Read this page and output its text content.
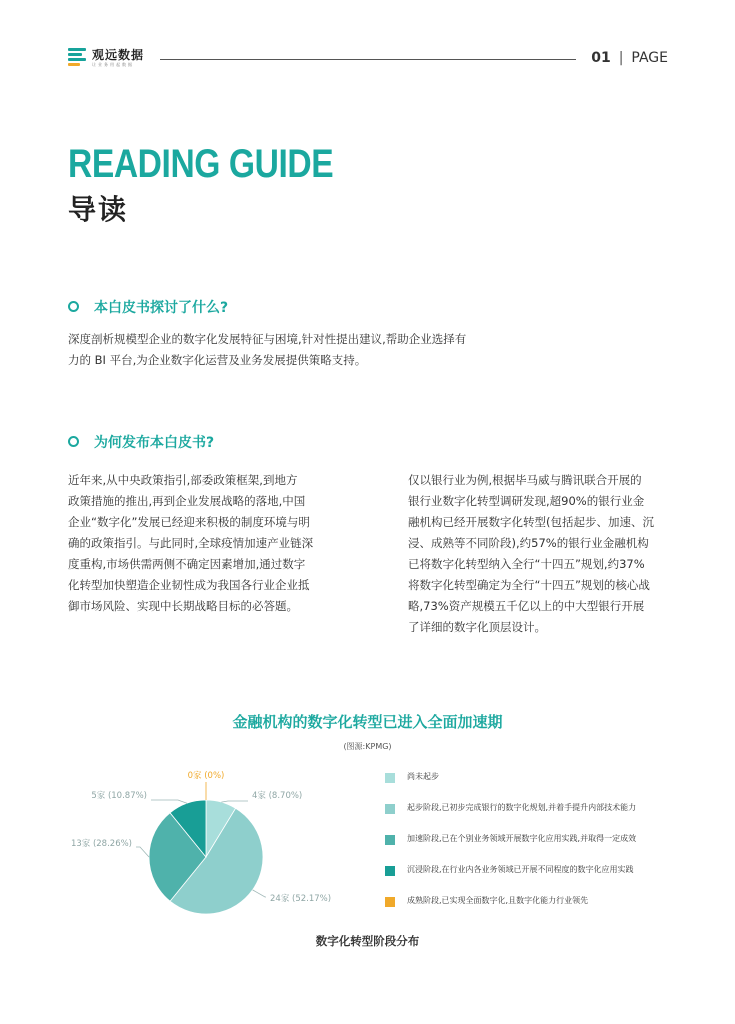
观远数据
让业务用起数据	01 | PAGE
READING GUIDE
导读
本白皮书探讨了什么?
深度剖析规模型企业的数字化发展特征与困境,针对性提出建议,帮助企业选择有
力的 BI 平台,为企业数字化运营及业务发展提供策略支持。
为何发布本白皮书?
近年来,从中央政策指引,部委政策框架,到地方
政策措施的推出,再到企业发展战略的落地,中国
企业“数字化”发展已经迎来积极的制度环境与明
确的政策指引。与此同时,全球疫情加速产业链深
度重构,市场供需两侧不确定因素增加,通过数字
化转型加快塑造企业韧性成为我国各行业企业抵
御市场风险、实现中长期战略目标的必答题。
仅以银行业为例,根据毕马威与腾讯联合开展的
银行业数字化转型调研发现,超90%的银行业金
融机构已经开展数字化转型(包括起步、加速、沉
浸、成熟等不同阶段),约57%的银行业金融机构
已将数字化转型纳入全行“十四五”规划,约37%
将数字化转型确定为全行“十四五”规划的核心战
略,73%资产规模五千亿以上的中大型银行开展
了详细的数字化顶层设计。
金融机构的数字化转型已进入全面加速期
(图源:KPMG)
4家 (8.70%)
24家 (52.17%)
13家 (28.26%)
5家 (10.87%)
0家 (0%)	尚未起步
起步阶段,已初步完成银行的数字化规划,并着手提升内部技术能力
加速阶段,已在个别业务领域开展数字化应用实践,并取得一定成效
沉浸阶段,在行业内各业务领域已开展不同程度的数字化应用实践
成熟阶段,已实现全面数字化,且数字化能力行业领先
数字化转型阶段分布
